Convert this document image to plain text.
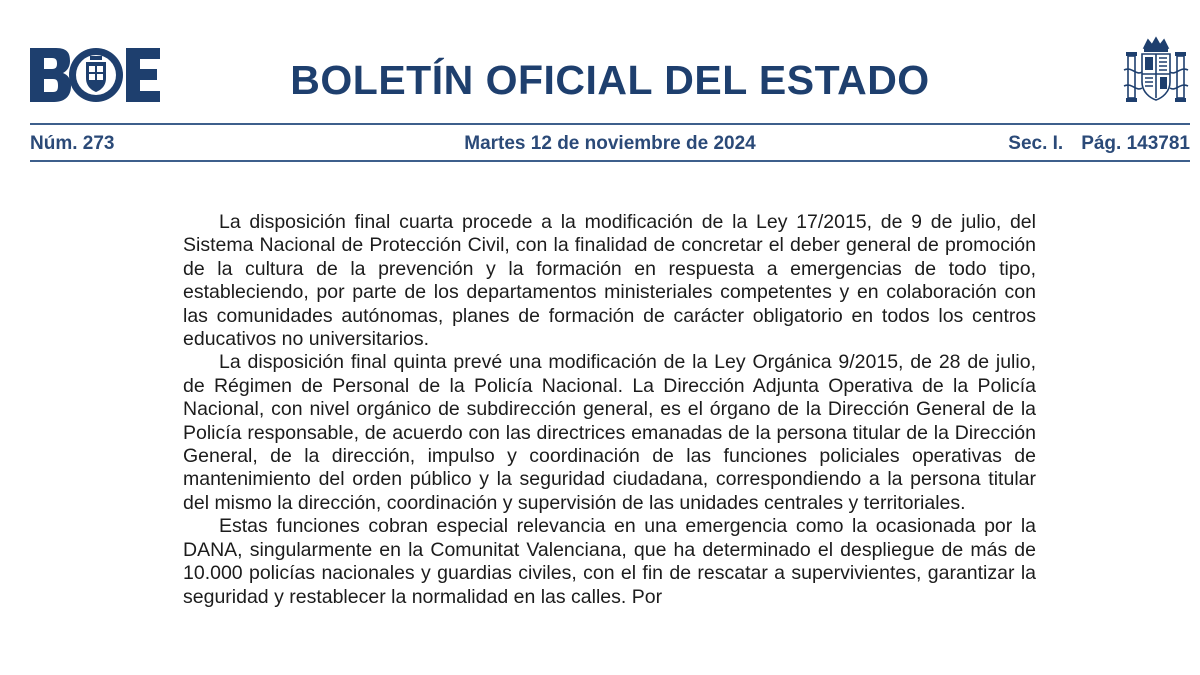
BOLETÍN OFICIAL DEL ESTADO
Núm. 273	Martes 12 de noviembre de 2024	Sec. I. Pág. 143781

La disposición final cuarta procede a la modificación de la Ley 17/2015, de 9 de julio, del Sistema Nacional de Protección Civil, con la finalidad de concretar el deber general de promoción de la cultura de la prevención y la formación en respuesta a emergencias de todo tipo, estableciendo, por parte de los departamentos ministeriales competentes y en colaboración con las comunidades autónomas, planes de formación de carácter obligatorio en todos los centros educativos no universitarios.

La disposición final quinta prevé una modificación de la Ley Orgánica 9/2015, de 28 de julio, de Régimen de Personal de la Policía Nacional. La Dirección Adjunta Operativa de la Policía Nacional, con nivel orgánico de subdirección general, es el órgano de la Dirección General de la Policía responsable, de acuerdo con las directrices emanadas de la persona titular de la Dirección General, de la dirección, impulso y coordinación de las funciones policiales operativas de mantenimiento del orden público y la seguridad ciudadana, correspondiendo a la persona titular del mismo la dirección, coordinación y supervisión de las unidades centrales y territoriales.

Estas funciones cobran especial relevancia en una emergencia como la ocasionada por la DANA, singularmente en la Comunitat Valenciana, que ha determinado el despliegue de más de 10.000 policías nacionales y guardias civiles, con el fin de rescatar a supervivientes, garantizar la seguridad y restablecer la normalidad en las calles. Por
